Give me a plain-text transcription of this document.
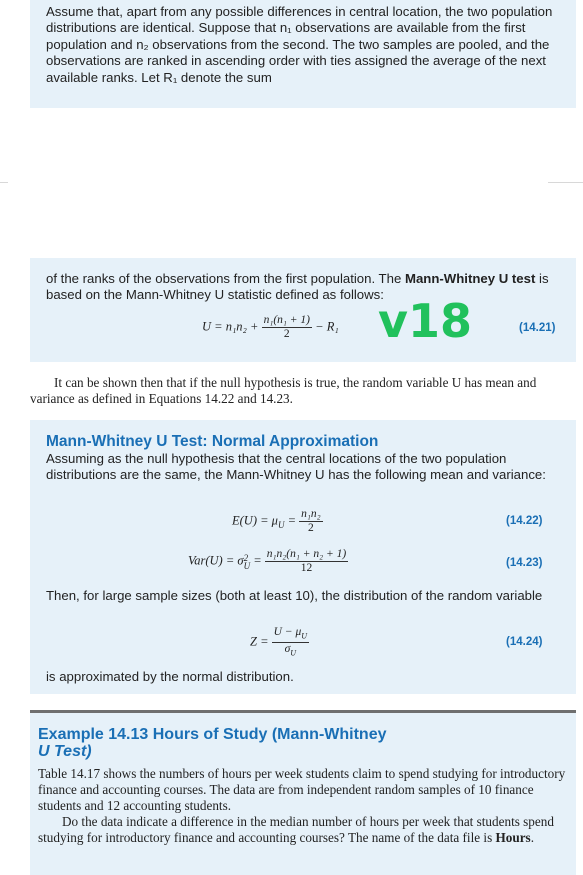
Assume that, apart from any possible differences in central location, the two population distributions are identical. Suppose that n₁ observations are available from the first population and n₂ observations from the second. The two samples are pooled, and the observations are ranked in ascending order with ties assigned the average of the next available ranks. Let R₁ denote the sum
of the ranks of the observations from the first population. The Mann-Whitney U test is based on the Mann-Whitney U statistic defined as follows:
$U = n_1n_2 + \frac{\text{n₁(n₁ + 1)}}{2} - R_1$ v18	(14.21)
It can be shown then that if the null hypothesis is true, the random variable U has mean and variance as defined in Equations 14.22 and 14.23.
Mann-Whitney U Test: Normal Approximation
Assuming as the null hypothesis that the central locations of the two population distributions are the same, the Mann-Whitney U has the following mean and variance:
$E(U) = \mu_U = \frac{\text{n₁n₂}}{2}$	(14.22)
Var(U) = σ 2
$U = \frac{\text{n₁n₂(n₁ + n₂ + 1)}}{12}$	(14.23)
Then, for large sample sizes (both at least 10), the distribution of the random variable
$Z = \frac{U - \mu_U}{\sigma_U}$	(14.24)
is approximated by the normal distribution.
Example 14.13 Hours of Study (Mann-Whitney
U Test)
Table 14.17 shows the numbers of hours per week students claim to spend studying for introductory finance and accounting courses. The data are from independent random samples of 10 finance students and 12 accounting students.
Do the data indicate a difference in the median number of hours per week that students spend studying for introductory finance and accounting courses? The name of the data file is Hours.
